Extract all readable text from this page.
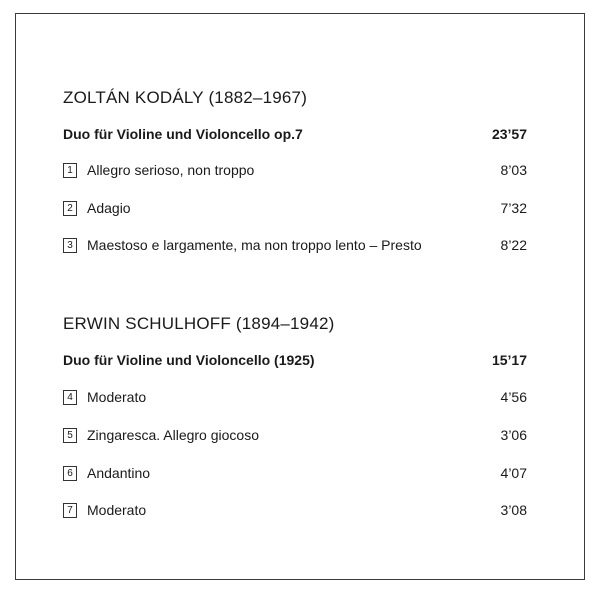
ZOLTÁN KODÁLY (1882–1967)
Duo für Violine und Violoncello op.7	23’57
1	Allegro serioso, non troppo	8’03
2	Adagio	7’32
3	Maestoso e largamente, ma non troppo lento – Presto	8’22
ERWIN SCHULHOFF (1894–1942)
Duo für Violine und Violoncello (1925)	15’17
4	Moderato	4’56
5	Zingaresca. Allegro giocoso	3’06
6	Andantino	4’07
7	Moderato	3’08
